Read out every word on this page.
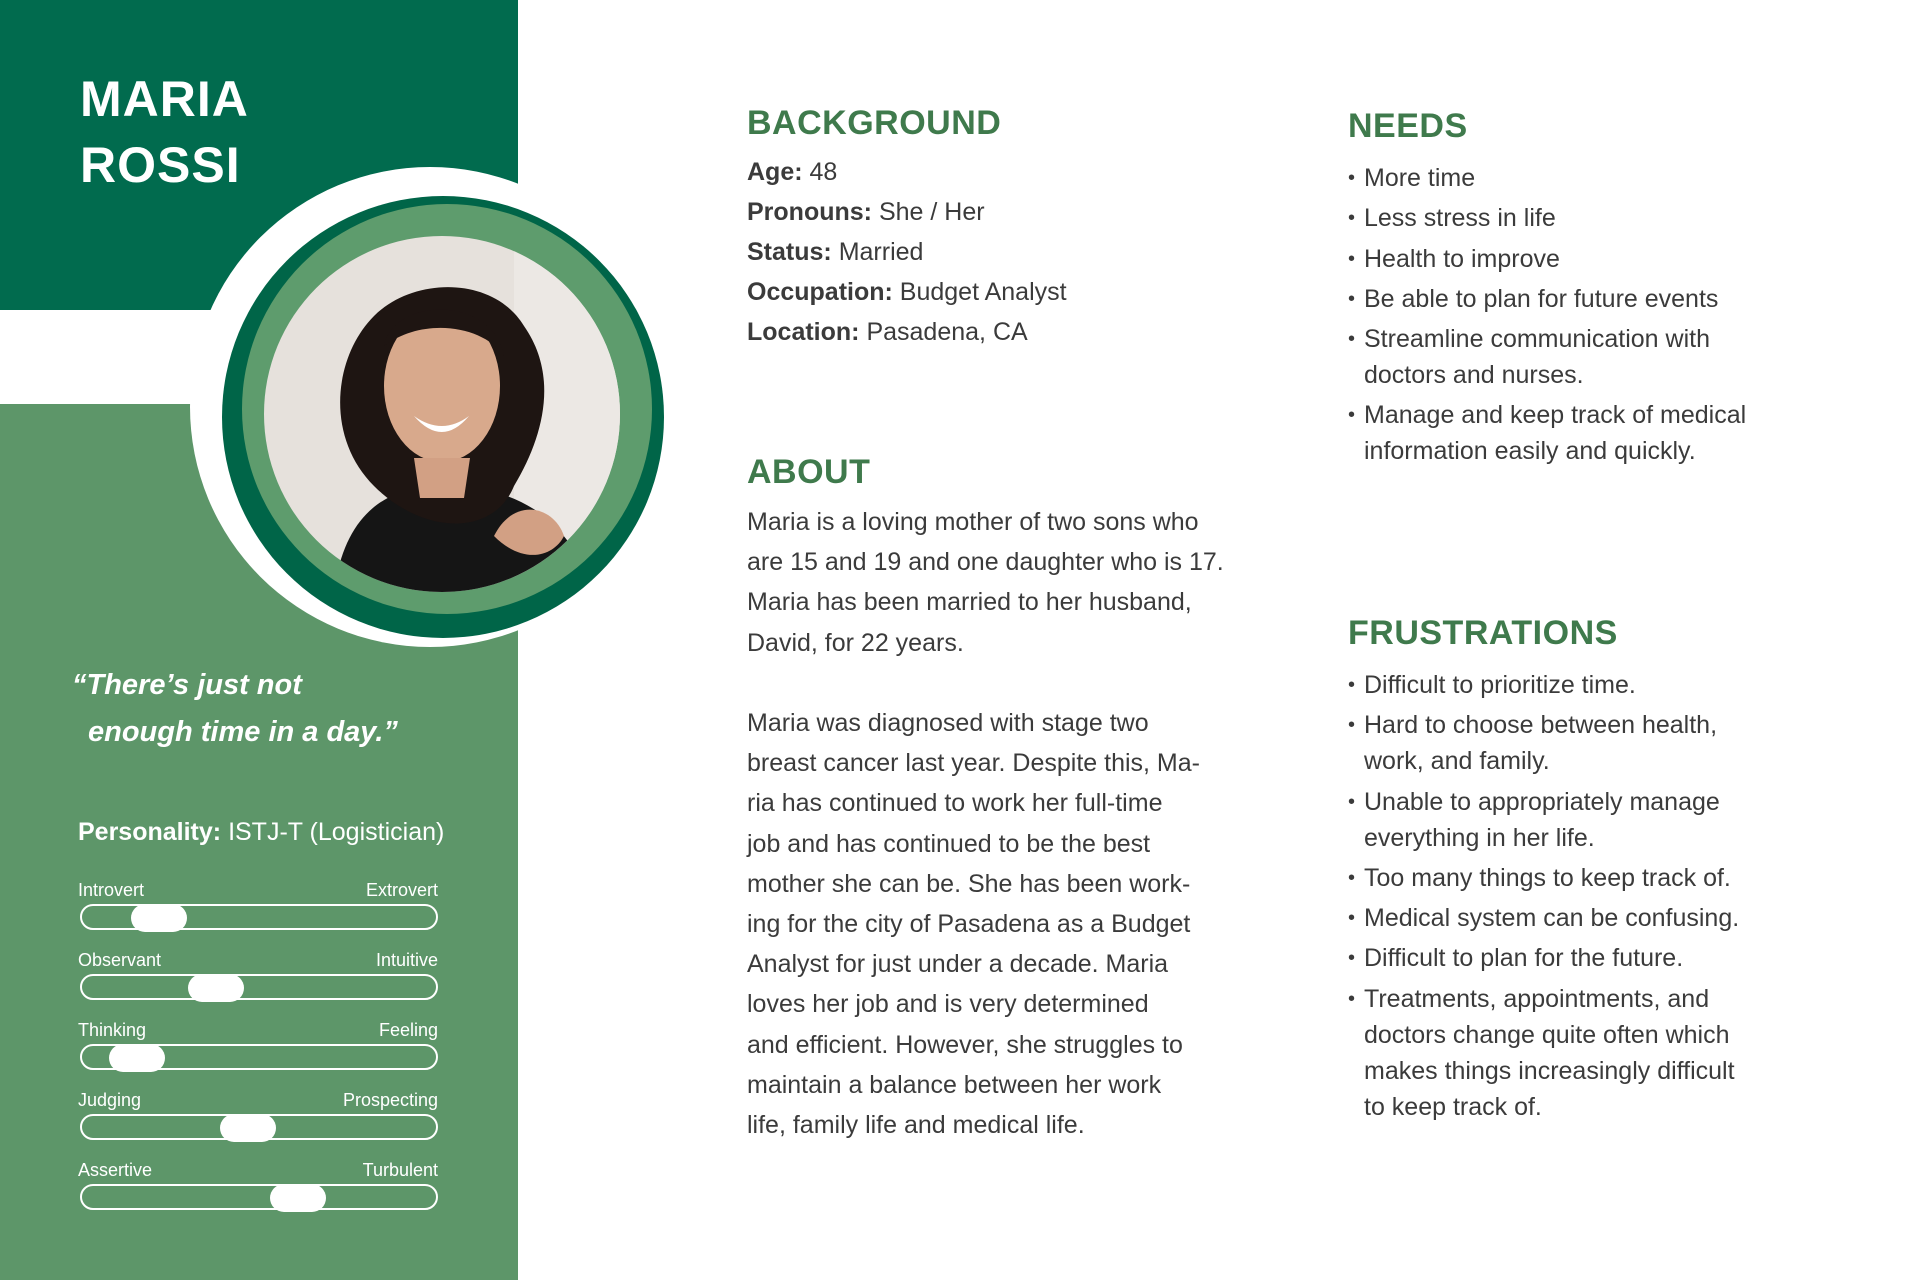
MARIA
ROSSI

“There’s just not
enough time in a day.”

Personality: ISTJ-T (Logistician)
Introvert	Extrovert
Observant	Intuitive
Thinking	Feeling
Judging	Prospecting
Assertive	Turbulent
BACKGROUND
Age: 48
Pronouns: She / Her
Status: Married
Occupation: Budget Analyst
Location: Pasadena, CA
ABOUT

Maria is a loving mother of two sons who
are 15 and 19 and one daughter who is 17.
Maria has been married to her husband,
David, for 22 years.

Maria was diagnosed with stage two
breast cancer last year. Despite this, Ma-
ria has continued to work her full-time
job and has continued to be the best
mother she can be. She has been work-
ing for the city of Pasadena as a Budget
Analyst for just under a decade. Maria
loves her job and is very determined
and efficient. However, she struggles to
maintain a balance between her work
life, family life and medical life.

NEEDS
• More time
• Less stress in life
• Health to improve
• Be able to plan for future events
• Streamline communication with
doctors and nurses.
• Manage and keep track of medical
information easily and quickly.
FRUSTRATIONS
• Difficult to prioritize time.
• Hard to choose between health,
work, and family.
• Unable to appropriately manage
everything in her life.
• Too many things to keep track of.
• Medical system can be confusing.
• Difficult to plan for the future.
• Treatments, appointments, and
doctors change quite often which
makes things increasingly difficult
to keep track of.
